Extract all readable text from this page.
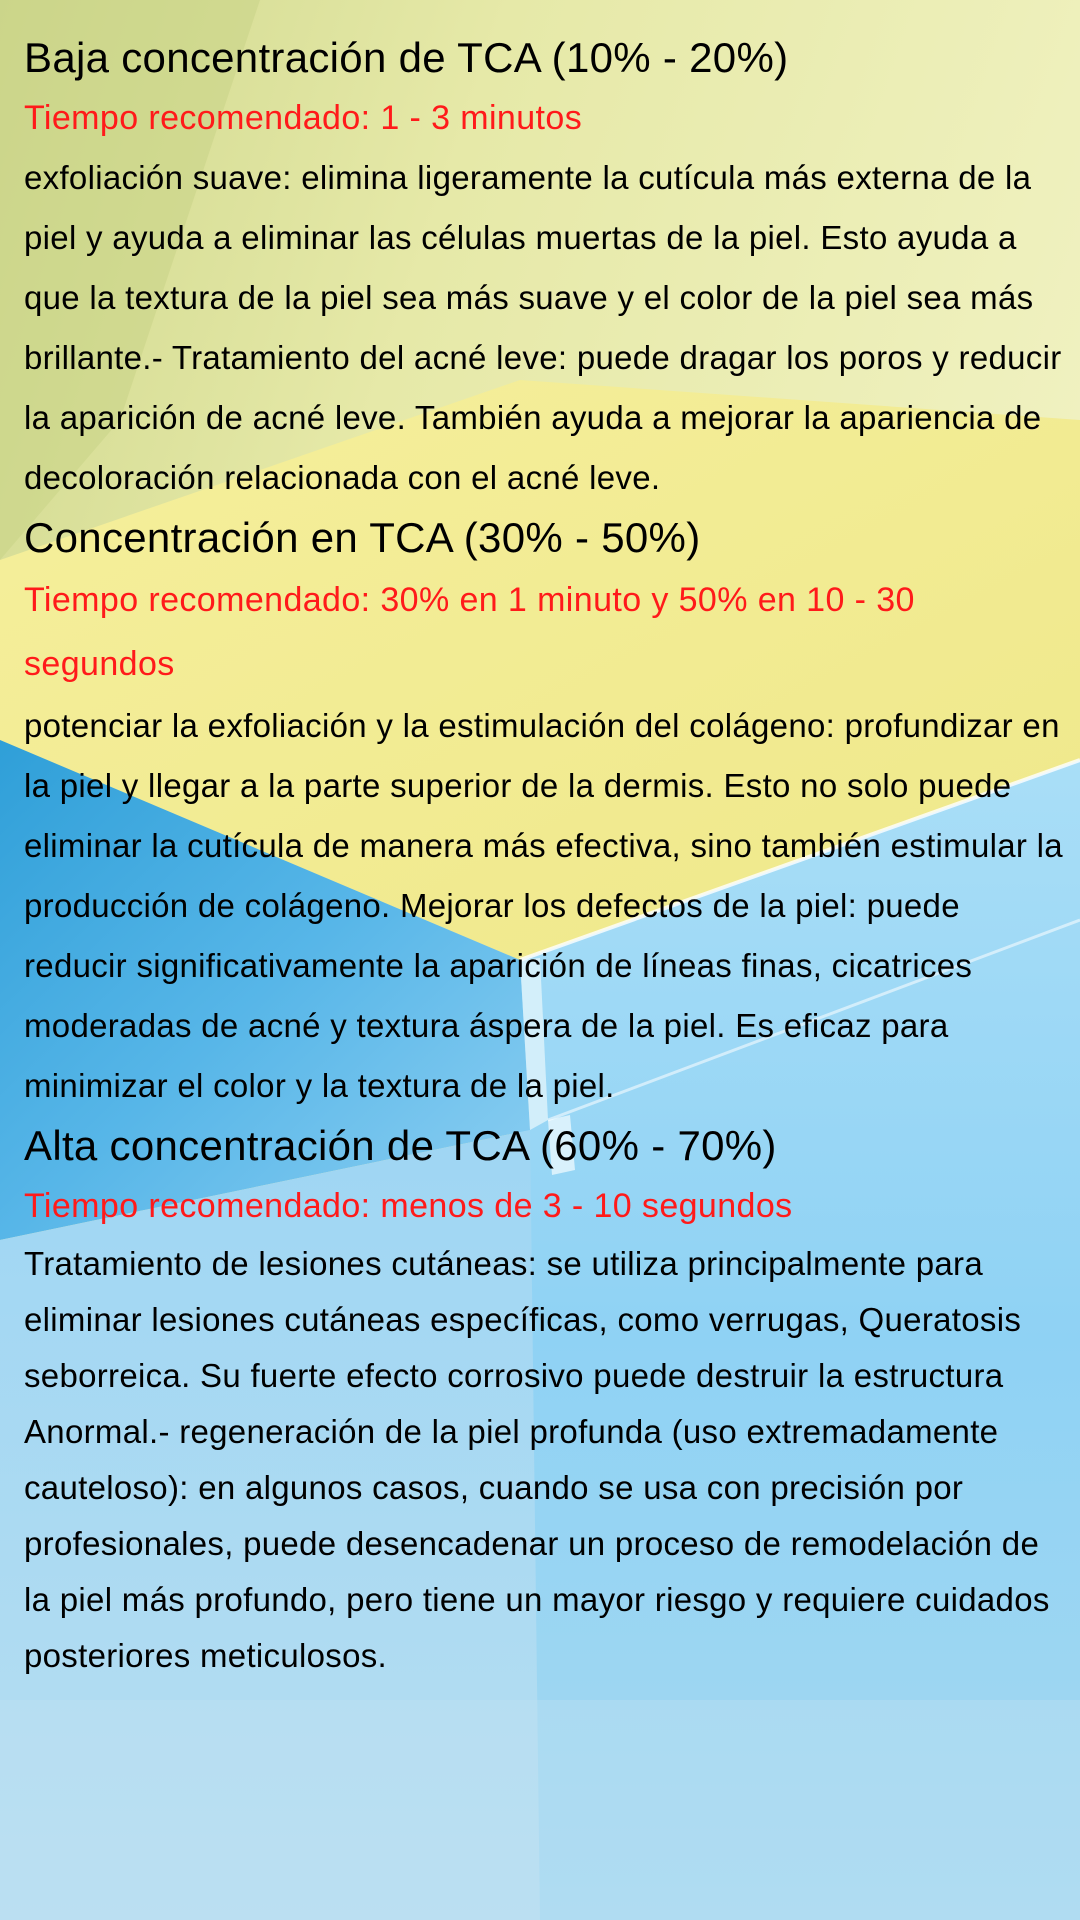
Baja concentración de TCA (10% - 20%)

Tiempo recomendado: 1 - 3 minutos

exfoliación suave: elimina ligeramente la cutícula más externa de la piel y ayuda a eliminar las células muertas de la piel. Esto ayuda a que la textura de la piel sea más suave y el color de la piel sea más brillante.- Tratamiento del acné leve: puede dragar los poros y reducir la aparición de acné leve. También ayuda a mejorar la apariencia de decoloración relacionada con el acné leve.

Concentración en TCA (30% - 50%)

Tiempo recomendado: 30% en 1 minuto y 50% en 10 - 30 segundos

potenciar la exfoliación y la estimulación del colágeno: profundizar en la piel y llegar a la parte superior de la dermis. Esto no solo puede eliminar la cutícula de manera más efectiva, sino también estimular la producción de colágeno. Mejorar los defectos de la piel: puede reducir significativamente la aparición de líneas finas, cicatrices moderadas de acné y textura áspera de la piel. Es eficaz para minimizar el color y la textura de la piel.

Alta concentración de TCA (60% - 70%)

Tiempo recomendado: menos de 3 - 10 segundos

Tratamiento de lesiones cutáneas: se utiliza principalmente para eliminar lesiones cutáneas específicas, como verrugas, Queratosis seborreica. Su fuerte efecto corrosivo puede destruir la estructura Anormal.- regeneración de la piel profunda (uso extremadamente cauteloso): en algunos casos, cuando se usa con precisión por profesionales, puede desencadenar un proceso de remodelación de la piel más profundo, pero tiene un mayor riesgo y requiere cuidados posteriores meticulosos.
